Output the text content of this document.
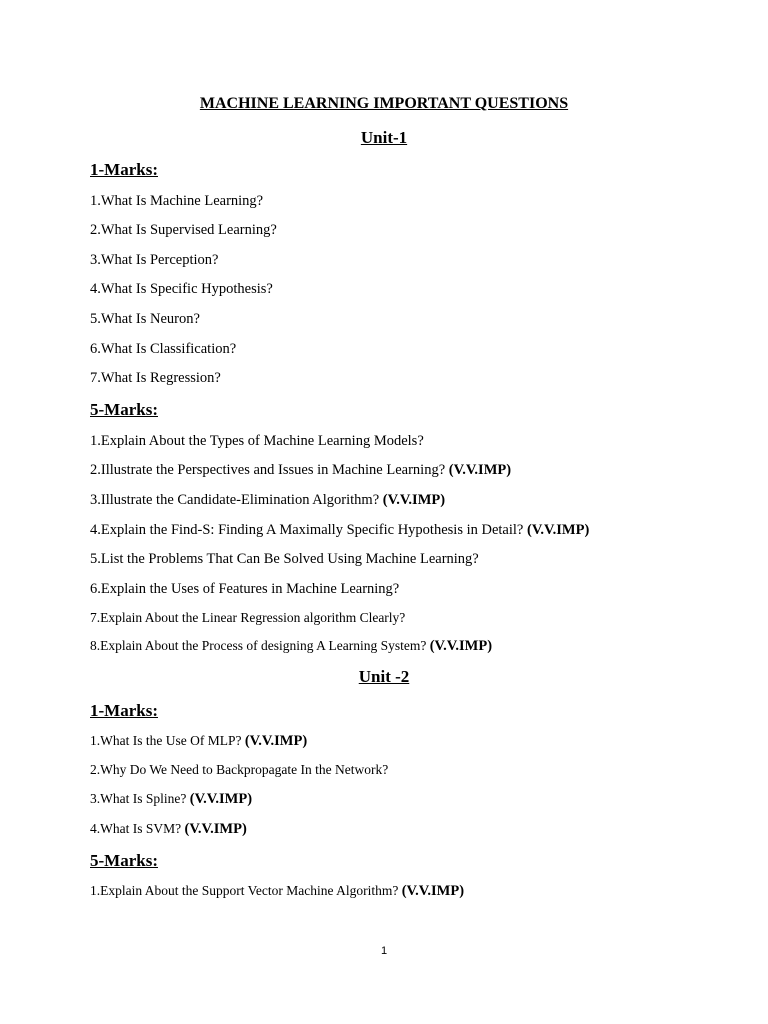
MACHINE LEARNING IMPORTANT QUESTIONS
Unit-1
1-Marks:
1.What Is Machine Learning?
2.What Is Supervised Learning?
3.What Is Perception?
4.What Is Specific Hypothesis?
5.What Is Neuron?
6.What Is Classification?
7.What Is Regression?
5-Marks:
1.Explain About the Types of Machine Learning Models?
2.Illustrate the Perspectives and Issues in Machine Learning? (V.V.IMP)
3.Illustrate the Candidate-Elimination Algorithm? (V.V.IMP)
4.Explain the Find-S: Finding A Maximally Specific Hypothesis in Detail? (V.V.IMP)
5.List the Problems That Can Be Solved Using Machine Learning?
6.Explain the Uses of Features in Machine Learning?
7.Explain About the Linear Regression algorithm Clearly?
8.Explain About the Process of designing A Learning System? (V.V.IMP)
Unit -2
1-Marks:
1.What Is the Use Of MLP? (V.V.IMP)
2.Why Do We Need to Backpropagate In the Network?
3.What Is Spline? (V.V.IMP)
4.What Is SVM? (V.V.IMP)
5-Marks:
1.Explain About the Support Vector Machine Algorithm? (V.V.IMP)
1
